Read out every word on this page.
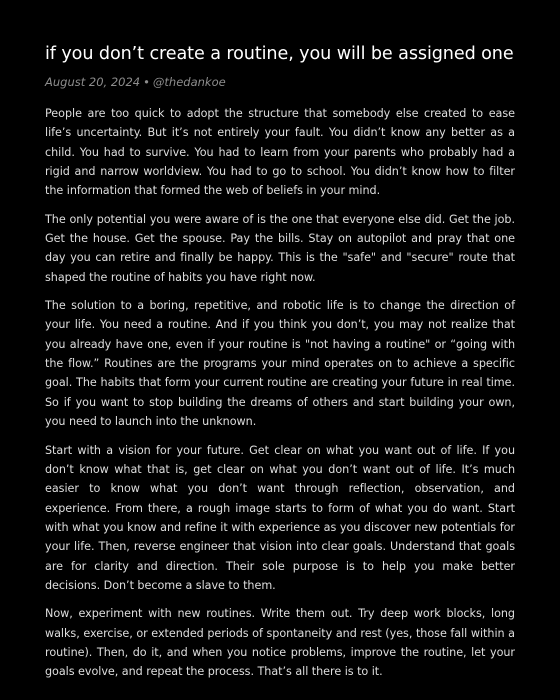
if you don’t create a routine, you will be assigned one
August 20, 2024 • @thedankoe

People are too quick to adopt the structure that somebody else created to ease life’s uncertainty. But it’s not entirely your fault. You didn’t know any better as a child. You had to survive. You had to learn from your parents who probably had a rigid and narrow worldview. You had to go to school. You didn’t know how to filter the information that formed the web of beliefs in your mind.

The only potential you were aware of is the one that everyone else did. Get the job. Get the house. Get the spouse. Pay the bills. Stay on autopilot and pray that one day you can retire and finally be happy. This is the "safe" and "secure" route that shaped the routine of habits you have right now.

The solution to a boring, repetitive, and robotic life is to change the direction of your life. You need a routine. And if you think you don’t, you may not realize that you already have one, even if your routine is "not having a routine" or “going with the flow.” Routines are the programs your mind operates on to achieve a specific goal. The habits that form your current routine are creating your future in real time. So if you want to stop building the dreams of others and start building your own, you need to launch into the unknown.

Start with a vision for your future. Get clear on what you want out of life. If you don’t know what that is, get clear on what you don’t want out of life. It’s much easier to know what you don’t want through reflection, observation, and experience. From there, a rough image starts to form of what you do want. Start with what you know and refine it with experience as you discover new potentials for your life. Then, reverse engineer that vision into clear goals. Understand that goals are for clarity and direction. Their sole purpose is to help you make better decisions. Don’t become a slave to them.

Now, experiment with new routines. Write them out. Try deep work blocks, long walks, exercise, or extended periods of spontaneity and rest (yes, those fall within a routine). Then, do it, and when you notice problems, improve the routine, let your goals evolve, and repeat the process. That’s all there is to it.
